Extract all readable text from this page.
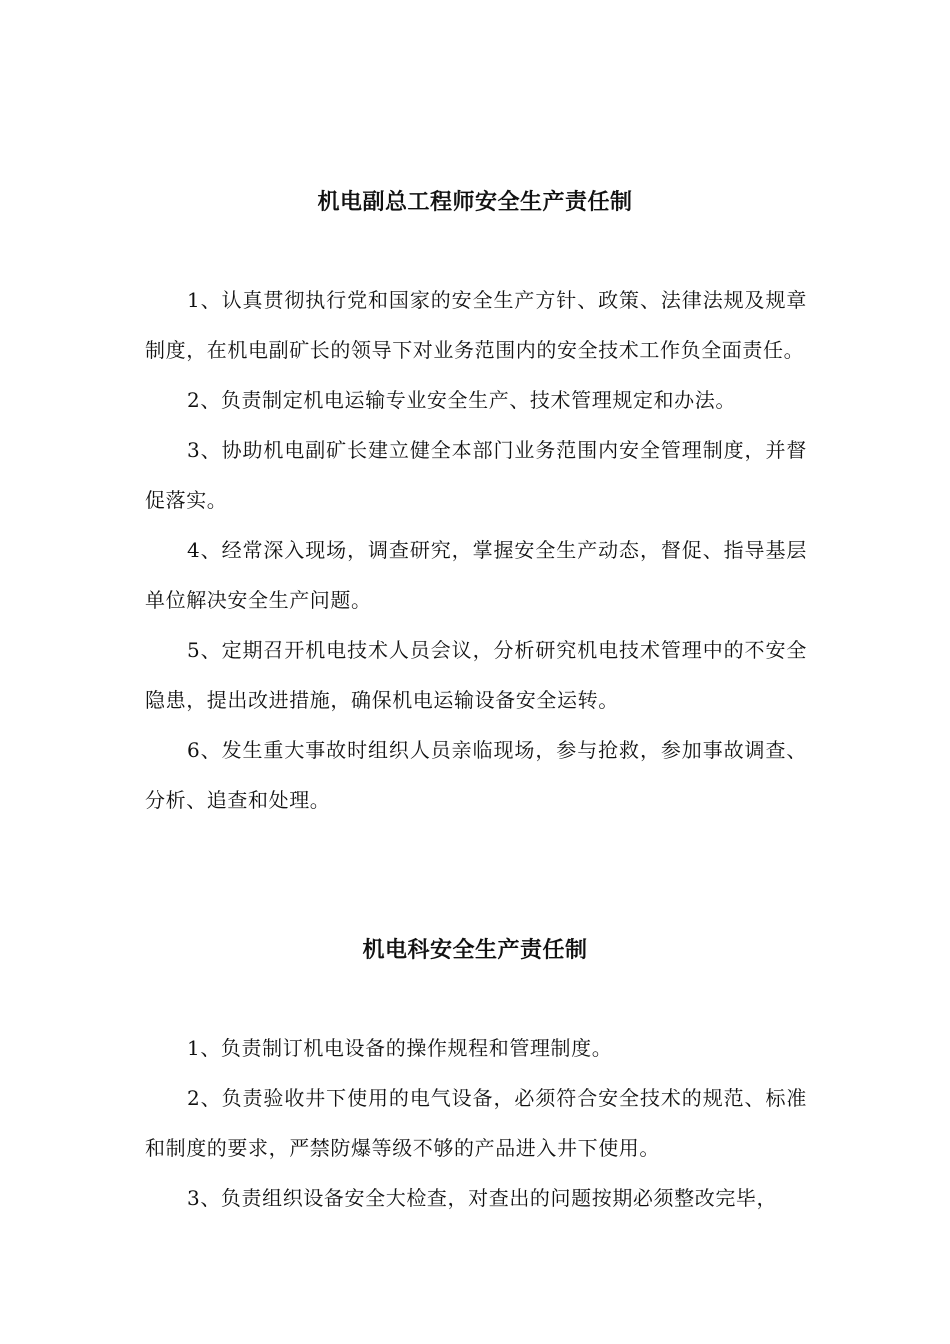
机电副总工程师安全生产责任制

1、认真贯彻执行党和国家的安全生产方针、政策、法律法规及规章制度，在机电副矿长的领导下对业务范围内的安全技术工作负全面责任。

2、负责制定机电运输专业安全生产、技术管理规定和办法。

3、协助机电副矿长建立健全本部门业务范围内安全管理制度，并督促落实。

4、经常深入现场，调查研究，掌握安全生产动态，督促、指导基层单位解决安全生产问题。

5、定期召开机电技术人员会议，分析研究机电技术管理中的不安全隐患，提出改进措施，确保机电运输设备安全运转。

6、发生重大事故时组织人员亲临现场，参与抢救，参加事故调查、分析、追查和处理。

机电科安全生产责任制

1、负责制订机电设备的操作规程和管理制度。

2、负责验收井下使用的电气设备，必须符合安全技术的规范、标准和制度的要求，严禁防爆等级不够的产品进入井下使用。

3、负责组织设备安全大检查，对查出的问题按期必须整改完毕，
